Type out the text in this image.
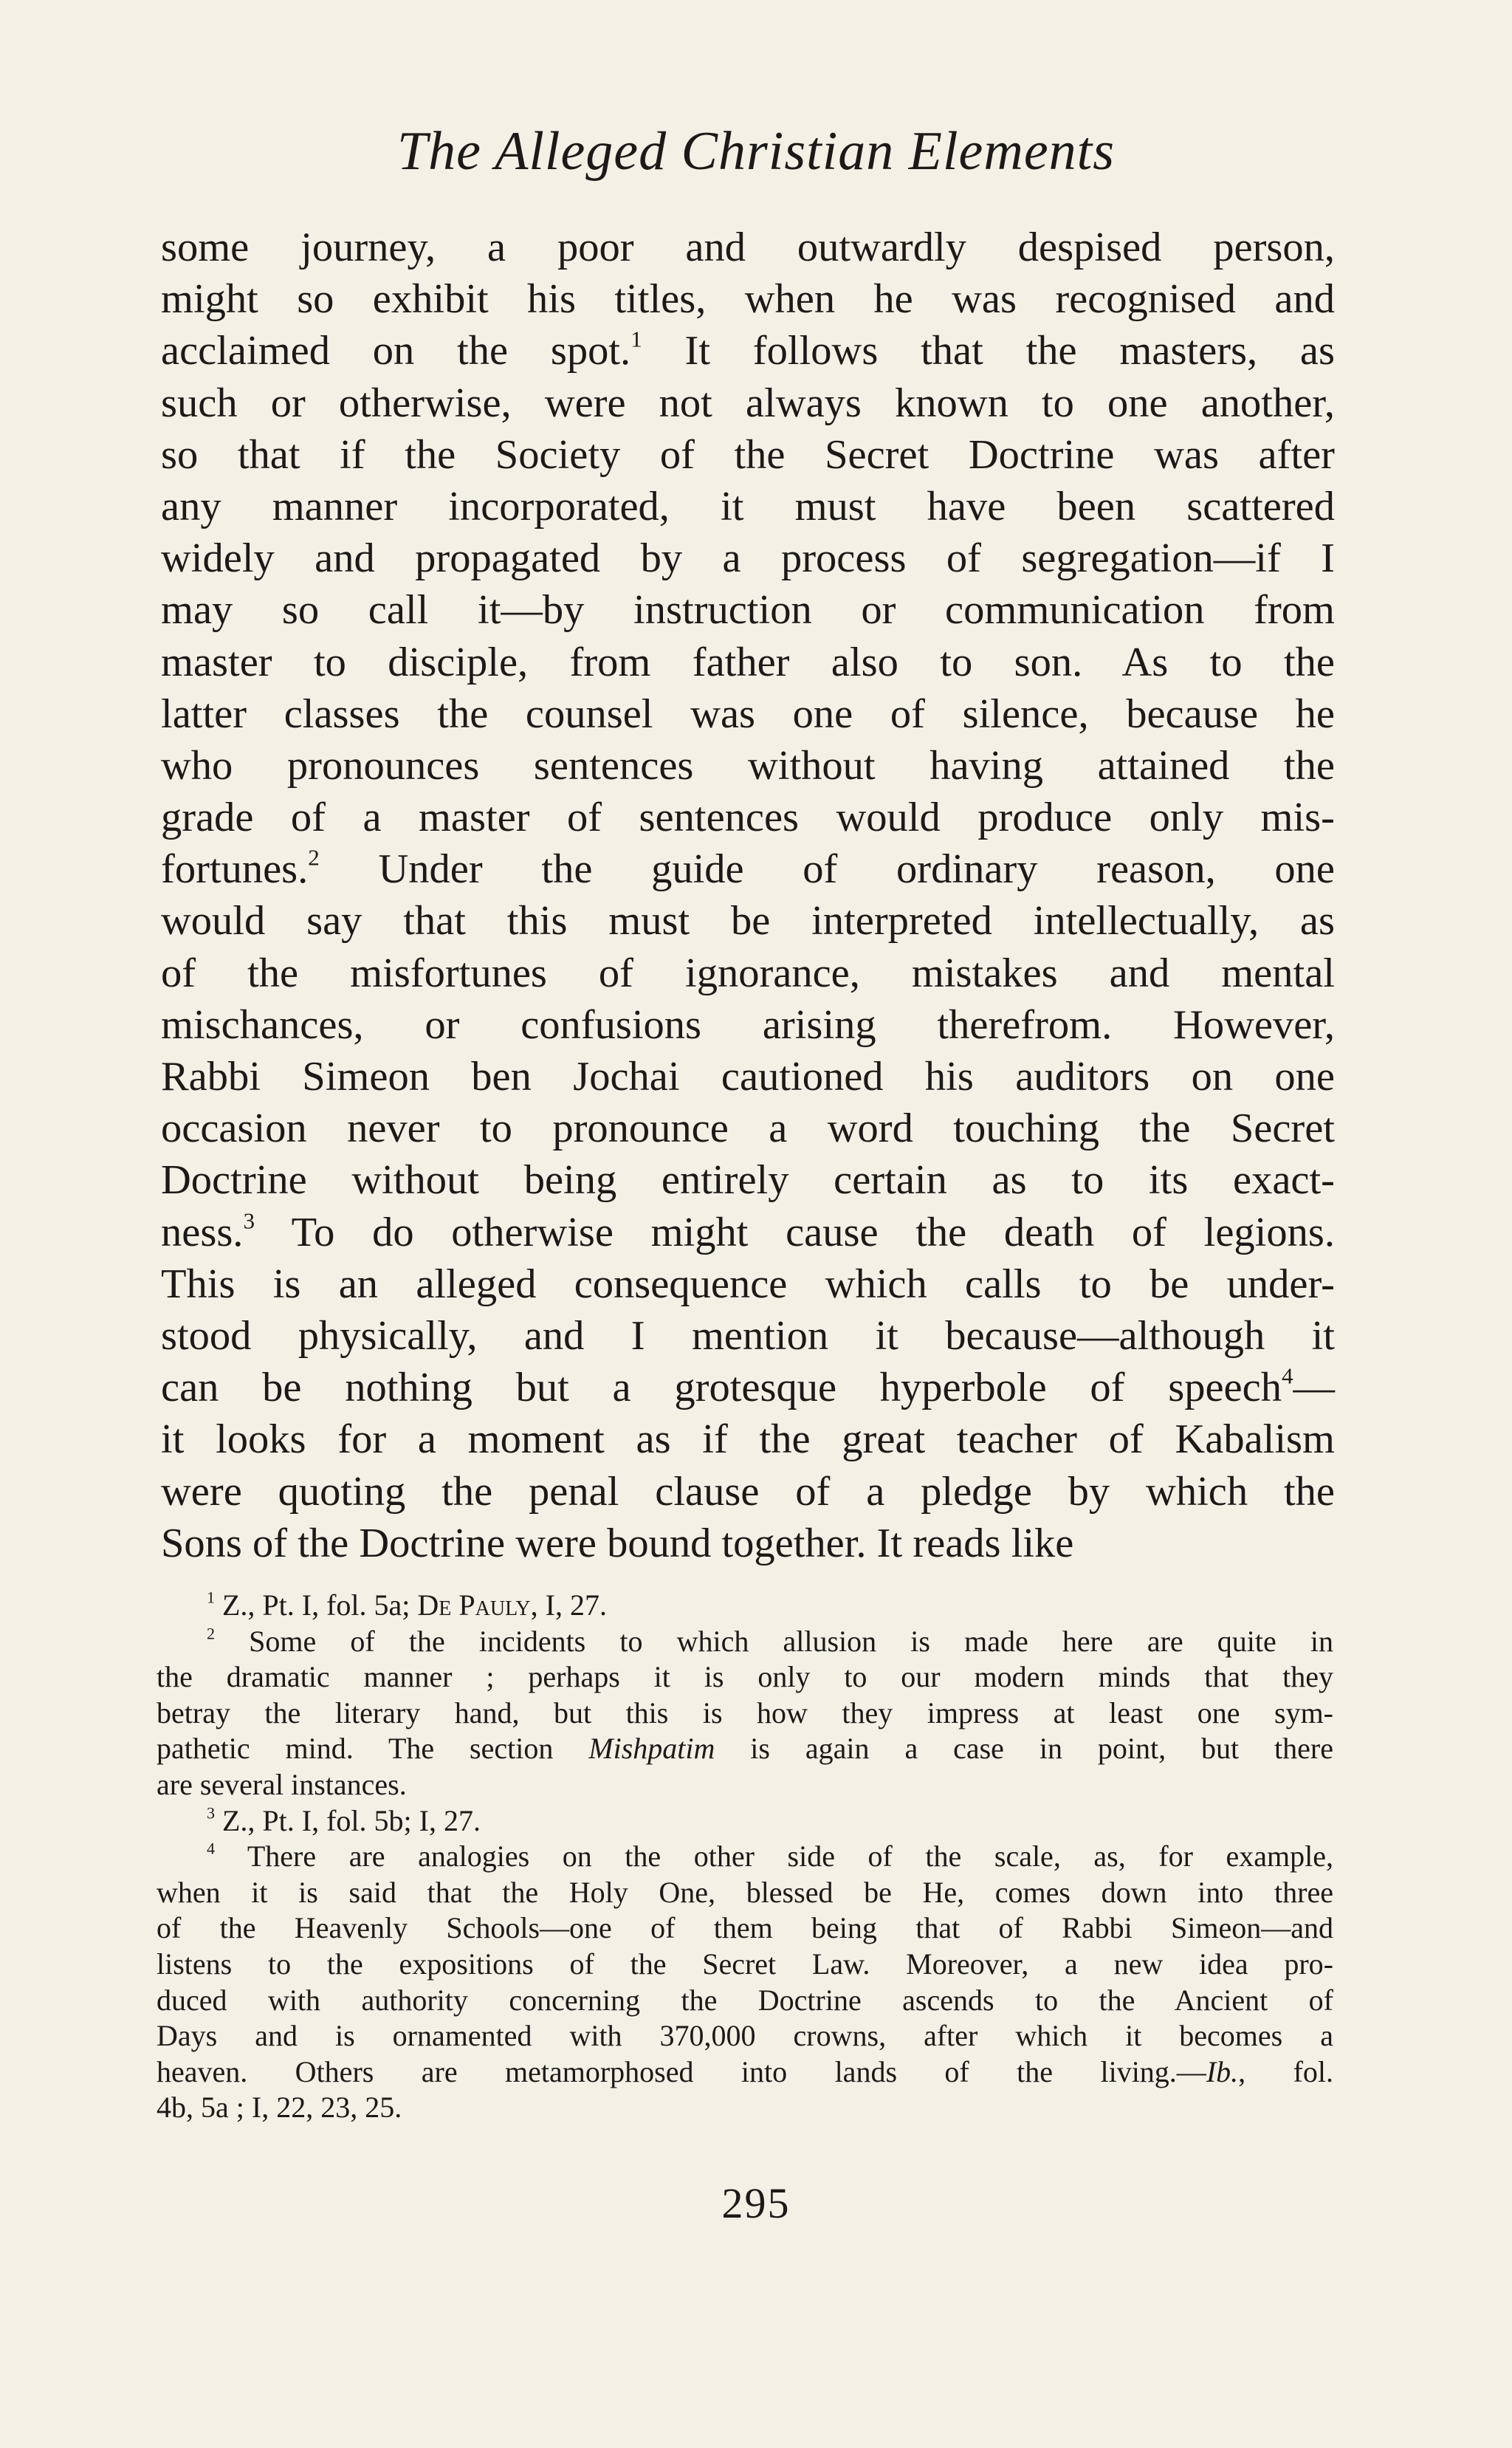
The Alleged Christian Elements
some journey, a poor and outwardly despised person,
might so exhibit his titles, when he was recognised and
acclaimed on the spot.$^1$ It follows that the masters, as
such or otherwise, were not always known to one another,
so that if the Society of the Secret Doctrine was after
any manner incorporated, it must have been scattered
widely and propagated by a process of segregation—if I
may so call it—by instruction or communication from
master to disciple, from father also to son. As to the
latter classes the counsel was one of silence, because he
who pronounces sentences without having attained the
grade of a master of sentences would produce only mis-
fortunes.$^2$ Under the guide of ordinary reason, one
would say that this must be interpreted intellectually, as
of the misfortunes of ignorance, mistakes and mental
mischances, or confusions arising therefrom. However,
Rabbi Simeon ben Jochai cautioned his auditors on one
occasion never to pronounce a word touching the Secret
Doctrine without being entirely certain as to its exact-
ness.$^3$ To do otherwise might cause the death of legions.
This is an alleged consequence which calls to be under-
stood physically, and I mention it because—although it
can be nothing but a grotesque hyperbole of speech$^4$—
it looks for a moment as if the great teacher of Kabalism
were quoting the penal clause of a pledge by which the
Sons of the Doctrine were bound together. It reads like
$^1$ Z., Pt. I, fol. 5a; De Pauly, I, 27.
$^2$ Some of the incidents to which allusion is made here are quite in
the dramatic manner ; perhaps it is only to our modern minds that they
betray the literary hand, but this is how they impress at least one sym-
pathetic mind. The section Mishpatim is again a case in point, but there
are several instances.
$^3$ Z., Pt. I, fol. 5b; I, 27.
$^4$ There are analogies on the other side of the scale, as, for example,
when it is said that the Holy One, blessed be He, comes down into three
of the Heavenly Schools—one of them being that of Rabbi Simeon—and
listens to the expositions of the Secret Law. Moreover, a new idea pro-
duced with authority concerning the Doctrine ascends to the Ancient of
Days and is ornamented with 370,000 crowns, after which it becomes a
heaven. Others are metamorphosed into lands of the living.—Ib., fol.
4b, 5a ; I, 22, 23, 25.
295
